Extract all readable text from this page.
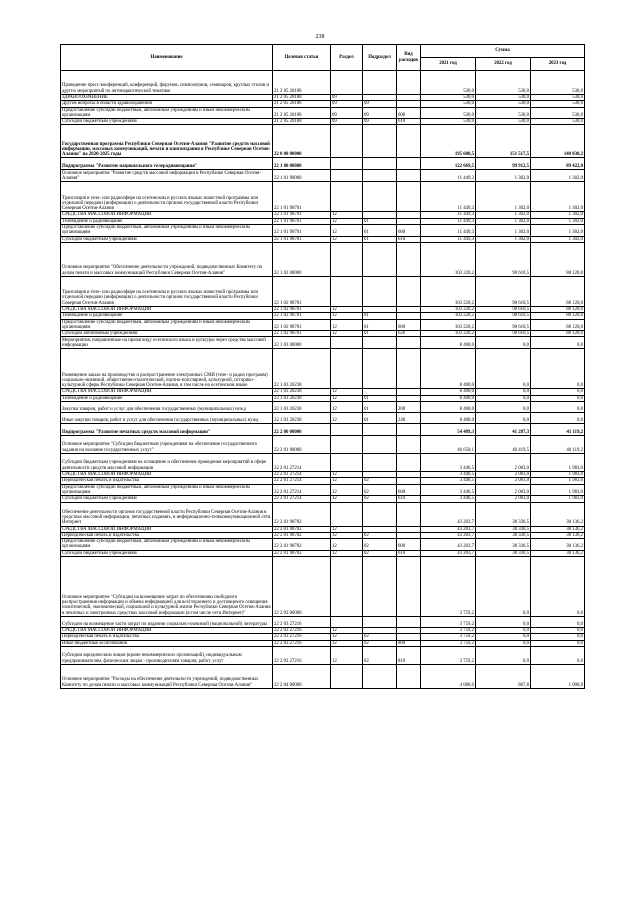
238
Наименование	Целевая статья	Раздел	Подраздел	Вид расходов	Сумма		
					2021 год	2022 год	2023 год
Проведение пресс-конференций, конференций, форумов, симпозиумов, семинаров, круглых столов и других мероприятий по антинаркотической тематике	21 2 05 20188				530,0	530,0	530,0
ЗДРАВООХРАНЕНИЕ	21 2 05 20188	09			530,0	530,0	530,0
Другие вопросы в области здравоохранения	21 2 05 20188	09	09		530,0	530,0	530,0
Предоставление субсидий бюджетным, автономным учреждениям и иным некоммерческим организациям	21 2 05 20188	09	09	600	530,0	530,0	530,0
Субсидии бюджетным учреждениям	21 2 05 20188	09	09	610	530,0	530,0	530,0
Государственная программа Республики Северная Осетия-Алания "Развитие средств массовой информации, массовых коммуникаций, печати и книгоиздания в Республике Северная Осетия-Алания" на 2020-2025 годы	22 0 00 00000				195 600,5	151 517,5	140 830,2
Подпрограмма "Развитие национального телерадиовещания"	22 1 00 00000				122 669,5	99 912,5	89 422,0
Основное мероприятие "Развитие средств массовой информации в Республике Северная Осетия-Алания"	22 1 01 00000				11 449,3	1 302,0	1 302,0
Трансляция в теле- или радиоэфире на осетинском и русских языках новостной программы или отдельной передачи (информации) о деятельности органов государственной власти Республики Северная Осетия-Алания	22 1 01 98701				11 449,3	1 302,0	1 302,0
СРЕДСТВА МАССОВОЙ ИНФОРМАЦИИ	22 1 01 98701	12			11 449,3	1 302,0	1 302,0
Телевидение и радиовещание	22 1 01 98701	12	01		11 449,3	1 302,0	1 302,0
Предоставление субсидий бюджетным, автономным учреждениям и иным некоммерческим организациям	22 1 01 98701	12	01	600	11 449,3	1 302,0	1 302,0
Субсидии бюджетным учреждениям	22 1 01 98701	12	01	610	11 449,3	1 302,0	1 302,0
Основное мероприятие "Обеспечение деятельности учреждений, подведомственных Комитету по делам печати и массовых коммуникаций Республики Северная Осетия-Алания"	22 1 02 00000				103 220,2	98 610,5	88 120,0
Трансляция в теле- или радиоэфире на осетинском и русских языках новостной программы или отдельной передачи (информации) о деятельности органов государственной власти Республики Северная Осетия-Алания	22 1 02 98701				103 220,2	98 610,5	88 120,0
СРЕДСТВА МАССОВОЙ ИНФОРМАЦИИ	22 1 02 98701	12			103 220,2	98 610,5	88 120,0
Телевидение и радиовещание	22 1 02 98701	12	01		103 220,2	98 610,5	88 120,0
Предоставление субсидий бюджетным, автономным учреждениям и иным некоммерческим организациям	22 1 02 98701	12	01	600	103 220,2	98 610,5	88 120,0
Субсидии автономным учреждениям	22 1 02 98701	12	01	620	103 220,2	98 610,5	88 120,0
Мероприятия, направленные на пропаганду осетинского языка и культуры через средства массовой информации	22 1 03 00000				8 400,0	0,0	0,0
Размещение заказа на производство и распространение электронных СМИ (теле- и радио программ) социально-значимой, общественно-политической, научно-популярной, культурной, историко-культурной сферы Республики Северная Осетия-Алания, в том числе на осетинском языке	22 1 03 20238				8 400,0	0,0	0,0
СРЕДСТВА МАССОВОЙ ИНФОРМАЦИИ	22 1 03 20238	12			8 400,0	0,0	0,0
Телевидение и радиовещание	22 1 03 20238	12	01		8 400,0	0,0	0,0
Закупка товаров, работ и услуг для обеспечения государственных (муниципальных) нужд	22 1 03 20238	12	01	200	8 400,0	0,0	0,0
Иные закупки товаров, работ и услуг для обеспечения государственных (муниципальных) нужд	22 1 03 20238	12	01	240	8 400,0	0,0	0,0
Подпрограмма "Развитие печатных средств массовой информации"	22 2 00 00000				54 409,3	41 287,3	41 119,2
Основное мероприятие "Субсидии бюджетным учреждениям на обеспечение государственного задания на оказание государственных услуг"	22 2 01 00000				46 650,1	40 419,5	40 119,2
Субсидии бюджетным учреждениям на оснащение и обеспечение проведения мероприятий в сфере деятельности средств массовой информации	22 2 01 27214				3 446,5	2 083,0	1 983,0
СРЕДСТВА МАССОВОЙ ИНФОРМАЦИИ	22 2 01 27214	12			3 446,5	2 083,0	1 983,0
Периодическая печать и издательства	22 2 01 27214	12	02		3 446,5	2 083,0	1 983,0
Предоставление субсидий бюджетным, автономным учреждениям и иным некоммерческим организациям	22 2 01 27214	12	02	600	3 446,5	2 083,0	1 983,0
Субсидии бюджетным учреждениям	22 2 01 27214	12	02	610	3 446,5	2 083,0	1 983,0
Обеспечение деятельности органов государственной власти Республики Северная Осетия-Алания в средствах массовой информации, печатных изданиях, в информационно-телекоммуникационной сети Интернет	22 2 01 98702				43 203,7	38 336,5	38 136,2
СРЕДСТВА МАССОВОЙ ИНФОРМАЦИИ	22 2 01 98702	12			43 203,7	38 336,5	38 136,2
Периодическая печать и издательства	22 2 01 98702	12	02		43 203,7	38 336,5	38 136,2
Предоставление субсидий бюджетным, автономным учреждениям и иным некоммерческим организациям	22 2 01 98702	12	02	600	43 203,7	38 336,5	38 136,2
Субсидии бюджетным учреждениям	22 2 01 98702	12	02	610	43 203,7	38 336,5	38 136,2
Основное мероприятие "Субсидии на возмещение затрат по обеспечению свободного распространения информации и обмена информацией для всестороннего и достоверного освещения политической, экономической, социальной и культурной жизни Республики Северная Осетия-Алания в печатных и электронных средствах массовой информации (в том числе сети Интернет)"	22 2 03 00000				3 759,2	0,0	0,0
Субсидии на возмещение части затрат по изданию социально-значимой (национальной) литературы	22 2 03 27216				3 759,2	0,0	0,0
СРЕДСТВА МАССОВОЙ ИНФОРМАЦИИ	22 2 03 27216	12			3 759,2	0,0	0,0
Периодическая печать и издательства	22 2 03 27216	12	02		3 759,2	0,0	0,0
Иные бюджетные ассигнования	22 2 03 27216	12	02	800	3 759,2	0,0	0,0
Субсидии юридическим лицам (кроме некоммерческих организаций), индивидуальным предпринимателям, физическим лицам - производителям товаров, работ, услуг	22 2 03 27216	12	02	810	3 759,2	0,0	0,0
Основное мероприятие "Расходы на обеспечение деятельности учреждений, подведомственных Комитету по делам печати и массовых коммуникаций Республики Северная Осетия-Алания"	22 2 04 00000				4 000,0	867,8	1 000,0
